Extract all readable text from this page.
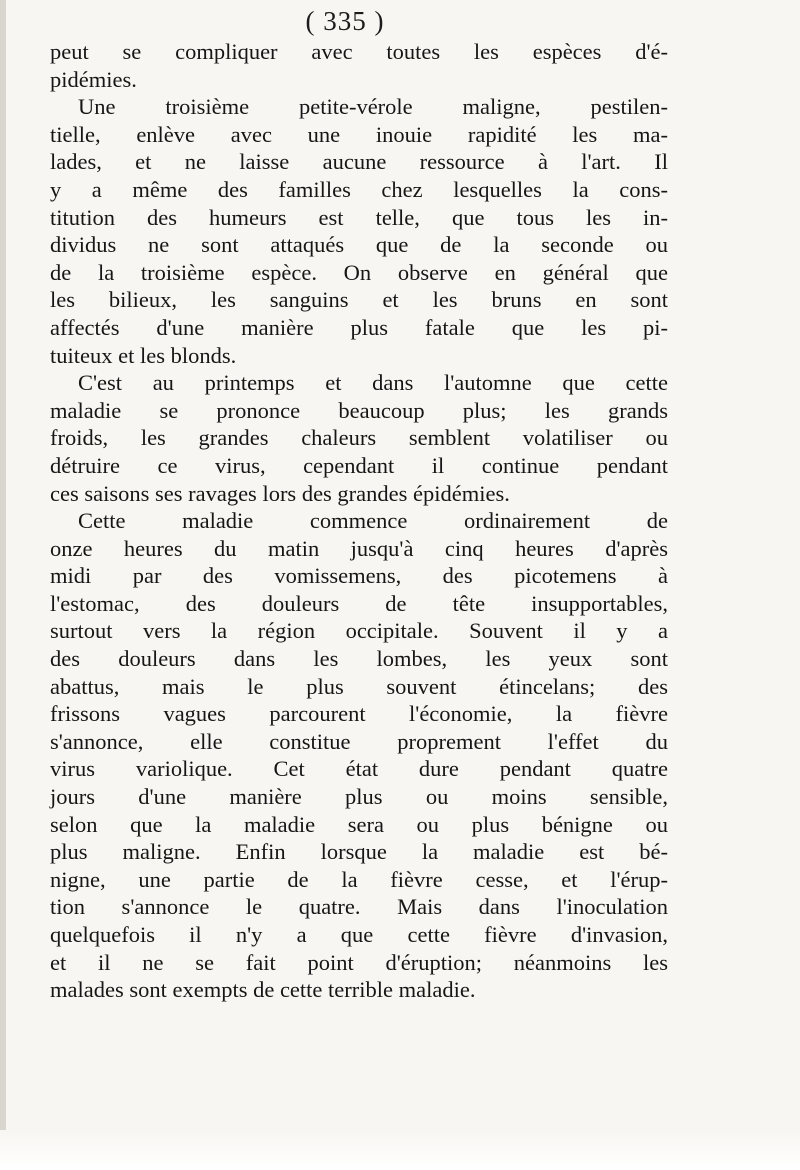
( 335 )
peut se compliquer avec toutes les espèces d'é-
pidémies.
Une troisième petite-vérole maligne, pestilen-
tielle, enlève avec une inouie rapidité les ma-
lades, et ne laisse aucune ressource à l'art. Il
y a même des familles chez lesquelles la cons-
titution des humeurs est telle, que tous les in-
dividus ne sont attaqués que de la seconde ou
de la troisième espèce. On observe en général que
les bilieux, les sanguins et les bruns en sont
affectés d'une manière plus fatale que les pi-
tuiteux et les blonds.
C'est au printemps et dans l'automne que cette
maladie se prononce beaucoup plus; les grands
froids, les grandes chaleurs semblent volatiliser ou
détruire ce virus, cependant il continue pendant
ces saisons ses ravages lors des grandes épidémies.
Cette maladie commence ordinairement de
onze heures du matin jusqu'à cinq heures d'après
midi par des vomissemens, des picotemens à
l'estomac, des douleurs de tête insupportables,
surtout vers la région occipitale. Souvent il y a
des douleurs dans les lombes, les yeux sont
abattus, mais le plus souvent étincelans; des
frissons vagues parcourent l'économie, la fièvre
s'annonce, elle constitue proprement l'effet du
virus variolique. Cet état dure pendant quatre
jours d'une manière plus ou moins sensible,
selon que la maladie sera ou plus bénigne ou
plus maligne. Enfin lorsque la maladie est bé-
nigne, une partie de la fièvre cesse, et l'érup-
tion s'annonce le quatre. Mais dans l'inoculation
quelquefois il n'y a que cette fièvre d'invasion,
et il ne se fait point d'éruption; néanmoins les
malades sont exempts de cette terrible maladie.
